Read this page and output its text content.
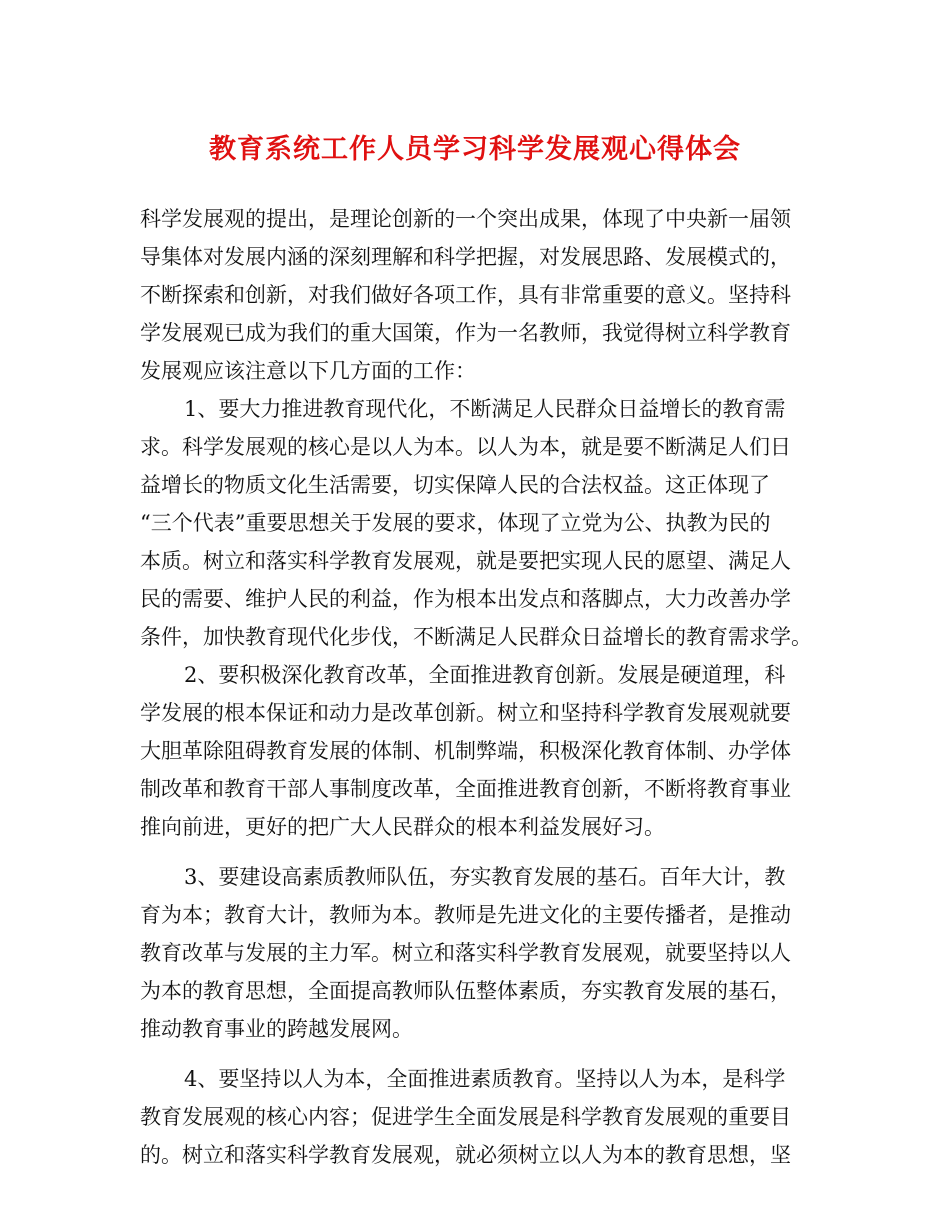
教育系统工作人员学习科学发展观心得体会
科学发展观的提出，是理论创新的一个突出成果，体现了中央新一届领
导集体对发展内涵的深刻理解和科学把握，对发展思路、发展模式的，
不断探索和创新，对我们做好各项工作，具有非常重要的意义。坚持科
学发展观已成为我们的重大国策，作为一名教师，我觉得树立科学教育
发展观应该注意以下几方面的工作：
1、要大力推进教育现代化，不断满足人民群众日益增长的教育需
求。科学发展观的核心是以人为本。以人为本，就是要不断满足人们日
益增长的物质文化生活需要，切实保障人民的合法权益。这正体现了
“三个代表”重要思想关于发展的要求，体现了立党为公、执教为民的
本质。树立和落实科学教育发展观，就是要把实现人民的愿望、满足人
民的需要、维护人民的利益，作为根本出发点和落脚点，大力改善办学
条件，加快教育现代化步伐，不断满足人民群众日益增长的教育需求学。
2、要积极深化教育改革，全面推进教育创新。发展是硬道理，科
学发展的根本保证和动力是改革创新。树立和坚持科学教育发展观就要
大胆革除阻碍教育发展的体制、机制弊端，积极深化教育体制、办学体
制改革和教育干部人事制度改革，全面推进教育创新，不断将教育事业
推向前进，更好的把广大人民群众的根本利益发展好习。
3、要建设高素质教师队伍，夯实教育发展的基石。百年大计，教
育为本；教育大计，教师为本。教师是先进文化的主要传播者，是推动
教育改革与发展的主力军。树立和落实科学教育发展观，就要坚持以人
为本的教育思想，全面提高教师队伍整体素质，夯实教育发展的基石，
推动教育事业的跨越发展网。
4、要坚持以人为本，全面推进素质教育。坚持以人为本，是科学
教育发展观的核心内容；促进学生全面发展是科学教育发展观的重要目
的。树立和落实科学教育发展观，就必须树立以人为本的教育思想，坚
